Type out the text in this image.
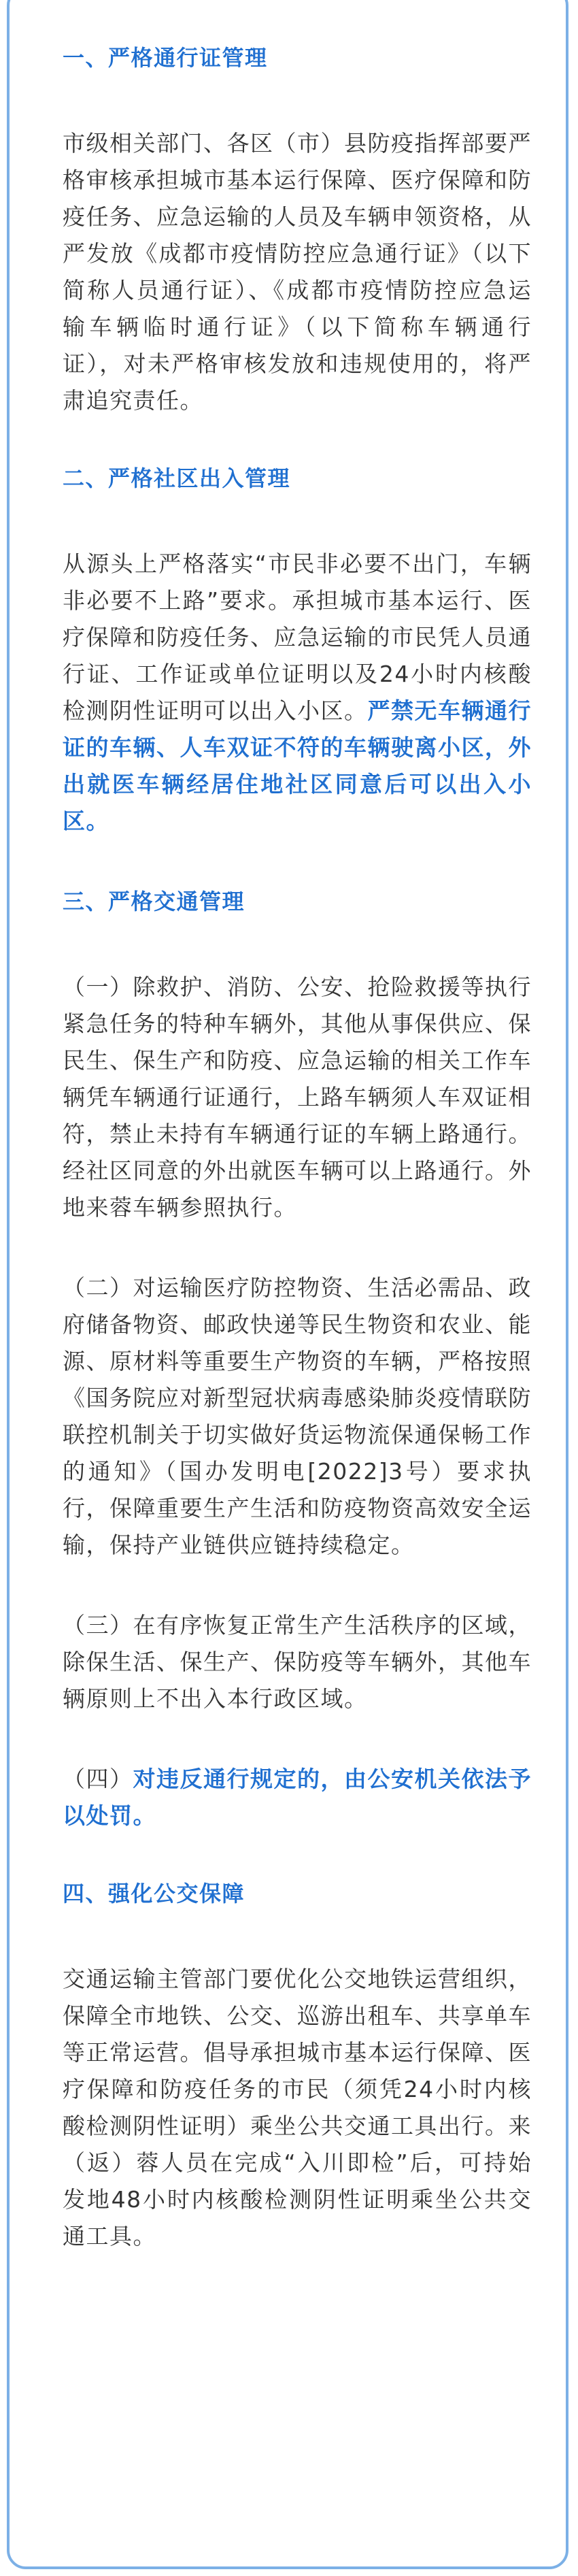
一、严格通行证管理

市级相关部门、各区（市）县防疫指挥部要严格审核承担城市基本运行保障、医疗保障和防疫任务、应急运输的人员及车辆申领资格，从严发放《成都市疫情防控应急通行证》（以下简称人员通行证）、《成都市疫情防控应急运输车辆临时通行证》（以下简称车辆通行证），对未严格审核发放和违规使用的，将严肃追究责任。

二、严格社区出入管理

从源头上严格落实“市民非必要不出门，车辆非必要不上路”要求。承担城市基本运行、医疗保障和防疫任务、应急运输的市民凭人员通行证、工作证或单位证明以及24小时内核酸检测阴性证明可以出入小区。严禁无车辆通行证的车辆、人车双证不符的车辆驶离小区，外出就医车辆经居住地社区同意后可以出入小区。

三、严格交通管理

（一）除救护、消防、公安、抢险救援等执行紧急任务的特种车辆外，其他从事保供应、保民生、保生产和防疫、应急运输的相关工作车辆凭车辆通行证通行，上路车辆须人车双证相符，禁止未持有车辆通行证的车辆上路通行。经社区同意的外出就医车辆可以上路通行。外地来蓉车辆参照执行。

（二）对运输医疗防控物资、生活必需品、政府储备物资、邮政快递等民生物资和农业、能源、原材料等重要生产物资的车辆，严格按照《国务院应对新型冠状病毒感染肺炎疫情联防联控机制关于切实做好货运物流保通保畅工作的通知》（国办发明电[2022]3号）要求执行，保障重要生产生活和防疫物资高效安全运输，保持产业链供应链持续稳定。

（三）在有序恢复正常生产生活秩序的区域，除保生活、保生产、保防疫等车辆外，其他车辆原则上不出入本行政区域。

（四）对违反通行规定的，由公安机关依法予以处罚。

四、强化公交保障

交通运输主管部门要优化公交地铁运营组织，保障全市地铁、公交、巡游出租车、共享单车等正常运营。倡导承担城市基本运行保障、医疗保障和防疫任务的市民（须凭24小时内核酸检测阴性证明）乘坐公共交通工具出行。来（返）蓉人员在完成“入川即检”后，可持始发地48小时内核酸检测阴性证明乘坐公共交通工具。
